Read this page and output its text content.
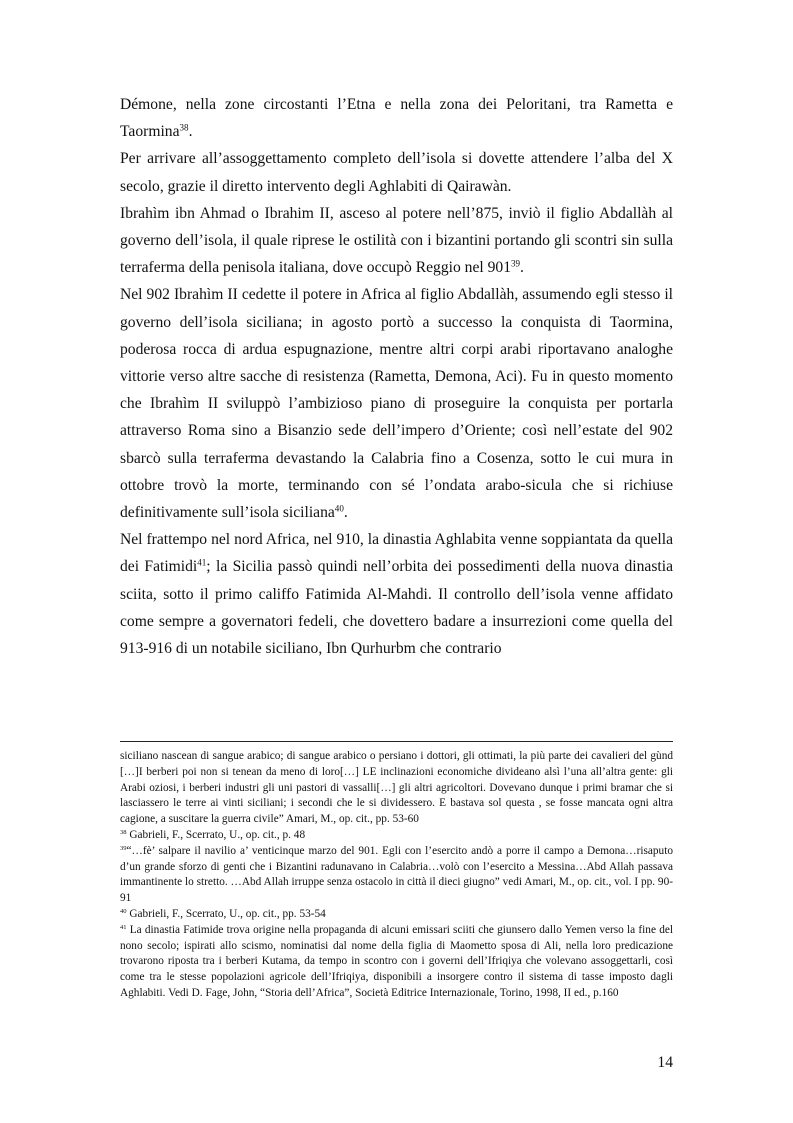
Démone, nella zone circostanti l’Etna e nella zona dei Peloritani, tra Rametta e Taormina$^{38}$.

Per arrivare all’assoggettamento completo dell’isola si dovette attendere l’alba del X secolo, grazie il diretto intervento degli Aghlabiti di Qairawàn.

Ibrahìm ibn Ahmad o Ibrahim II, asceso al potere nell’875, inviò il figlio Abdallàh al governo dell’isola, il quale riprese le ostilità con i bizantini portando gli scontri sin sulla terraferma della penisola italiana, dove occupò Reggio nel $901^{39}$.

Nel 902 Ibrahìm II cedette il potere in Africa al figlio Abdallàh, assumendo egli stesso il governo dell’isola siciliana; in agosto portò a successo la conquista di Taormina, poderosa rocca di ardua espugnazione, mentre altri corpi arabi riportavano analoghe vittorie verso altre sacche di resistenza (Rametta, Demona, Aci). Fu in questo momento che Ibrahìm II sviluppò l’ambizioso piano di proseguire la conquista per portarla attraverso Roma sino a Bisanzio sede dell’impero d’Oriente; così nell’estate del 902 sbarcò sulla terraferma devastando la Calabria fino a Cosenza, sotto le cui mura in ottobre trovò la morte, terminando con sé l’ondata arabo-sicula che si richiuse definitivamente sull’isola siciliana$^{40}$.

Nel frattempo nel nord Africa, nel 910, la dinastia Aghlabita venne soppiantata da quella dei Fatimidi$^{41}$; la Sicilia passò quindi nell’orbita dei possedimenti della nuova dinastia sciita, sotto il primo califfo Fatimida Al-Mahdi. Il controllo dell’isola venne affidato come sempre a governatori fedeli, che dovettero badare a insurrezioni come quella del 913-916 di un notabile siciliano, Ibn Qurhurbm che contrario

siciliano nascean di sangue arabico; di sangue arabico o persiano i dottori, gli ottimati, la più parte dei cavalieri del gùnd […]I berberi poi non si tenean da meno di loro[…] LE inclinazioni economiche divideano alsì l’una all’altra gente: gli Arabi oziosi, i berberi industri gli uni pastori di vassalli[…] gli altri agricoltori. Dovevano dunque i primi bramar che si lasciassero le terre ai vinti siciliani; i secondi che le si dividessero. E bastava sol questa , se fosse mancata ogni altra cagione, a suscitare la guerra civile” Amari, M., op. cit., pp. 53-60

$^{38}$ Gabrieli, F., Scerrato, U., op. cit., p. 48

$^{39}$“…fè’ salpare il navilio a’ venticinque marzo del 901. Egli con l’esercito andò a porre il campo a Demona…risaputo d’un grande sforzo di genti che i Bizantini radunavano in Calabria…volò con l’esercito a Messina…Abd Allah passava immantinente lo stretto. …Abd Allah irruppe senza ostacolo in città il dieci giugno” vedi Amari, M., op. cit., vol. I pp. 90-91

$^{40}$ Gabrieli, F., Scerrato, U., op. cit., pp. 53-54

$^{41}$ La dinastia Fatimide trova origine nella propaganda di alcuni emissari sciiti che giunsero dallo Yemen verso la fine del nono secolo; ispirati allo scismo, nominatisi dal nome della figlia di Maometto sposa di Ali, nella loro predicazione trovarono riposta tra i berberi Kutama, da tempo in scontro con i governi dell’Ifriqiya che volevano assoggettarli, così come tra le stesse popolazioni agricole dell’Ifriqiya, disponibili a insorgere contro il sistema di tasse imposto dagli Aghlabiti. Vedi D. Fage, John, “Storia dell’Africa”, Società Editrice Internazionale, Torino, 1998, II ed., p.160

14
